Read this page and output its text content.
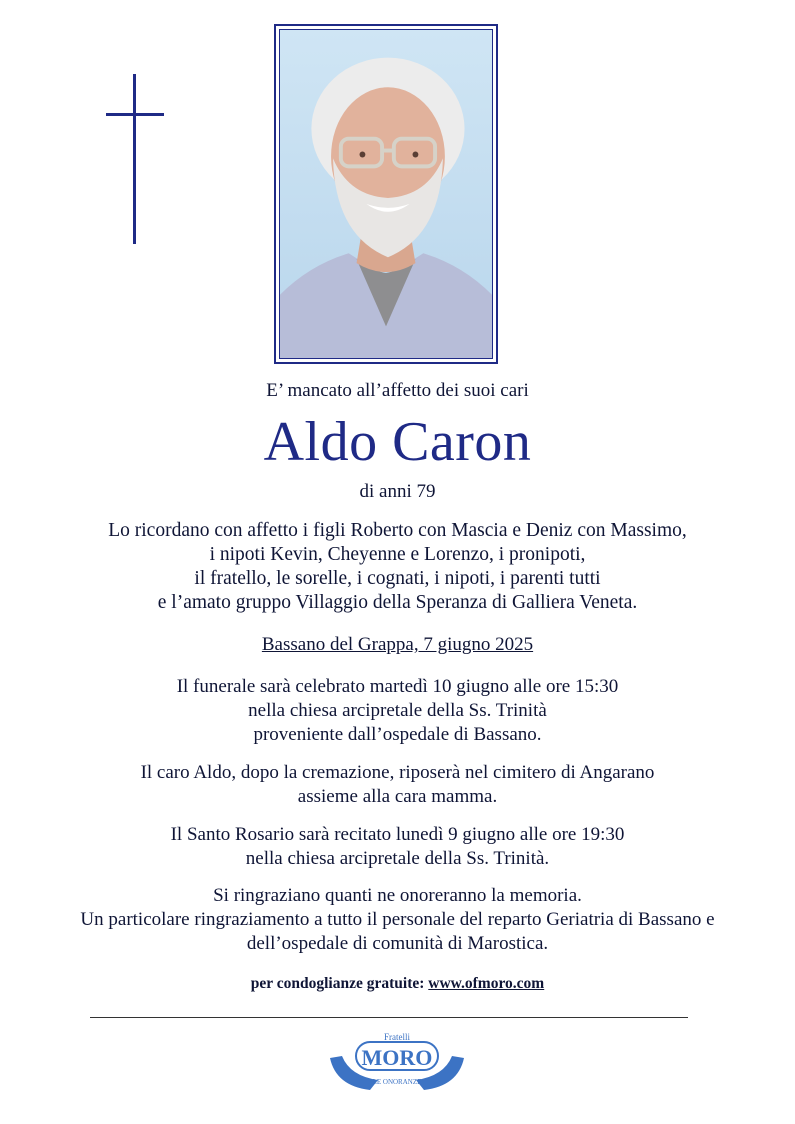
E’ mancato all’affetto dei suoi cari
Aldo Caron
di anni 79
Lo ricordano con affetto i figli Roberto con Mascia e Deniz con Massimo,
i nipoti Kevin, Cheyenne e Lorenzo, i pronipoti,
il fratello, le sorelle, i cognati, i nipoti, i parenti tutti
e l’amato gruppo Villaggio della Speranza di Galliera Veneta.
Bassano del Grappa, 7 giugno 2025
Il funerale sarà celebrato martedì 10 giugno alle ore 15:30
nella chiesa arcipretale della Ss. Trinità
proveniente dall’ospedale di Bassano.
Il caro Aldo, dopo la cremazione, riposerà nel cimitero di Angarano
assieme alla cara mamma.
Il Santo Rosario sarà recitato lunedì 9 giugno alle ore 19:30
nella chiesa arcipretale della Ss. Trinità.
Si ringraziano quanti ne onoreranno la memoria.
Un particolare ringraziamento a tutto il personale del reparto Geriatria di Bassano e
dell’ospedale di comunità di Marostica.
per condoglianze gratuite: www.ofmoro.com
Fratelli
MORO
LE ONORANZE
